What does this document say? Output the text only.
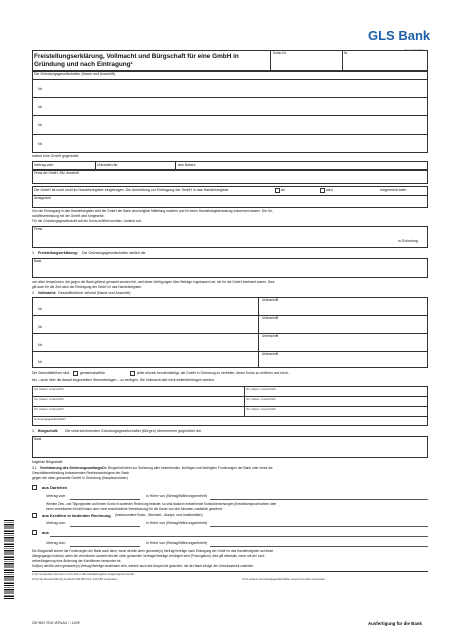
GLS Bank
Freistellungserklärung, Vollmacht und Bürgschaft für eine GmbH in
Gründung und nach Eintragung¹
Konto-Nr.	Nr.
Die Gründungsgesellschafter (Name und Anschrift)
Nr.
Nr.
Nr.
Nr.
haben eine GmbH gegründet.
Vertrag vom	Urkunden-Nr.	des Notars
Firma der GmbH, Sitz, Anschrift
Die GmbH ist noch nicht im Handelsregister eingetragen. Die Anmeldung zur Eintragung der GmbH in das Handelsregister	ist	wird	eingereicht beim
Amtsgericht
Von der Eintragung in das Handelsregister wird die GmbH der Bank unverzüglich Mitteilung machen und ihr einen Handelsregisterauszug zukommen lassen. Die Ge-
schäftsverbindung mit der GmbH wird fortgesetzt.
Für die Gründungsgesellschaft soll ein Konto eröffnet werden², lautend auf:
Firma
in Gründung
1 Freistellungserklärung: Die Gründungsgesellschafter stellen die
Bank
von allen Ansprüchen, die gegen die Bank geltend gemacht werden frei, weil diese Verfügungen über Beträge zugelassen hat, die für die GmbH bestimmt waren. Dies
gilt auch für die Zeit nach der Eintragung der GmbH in das Handelsregister.
2 Vollmacht: Geschäftsführer ist/sind (Name und Anschrift)
Nr.
Unterschrift
Nr.
Unterschrift
Nr.
Unterschrift
Nr.
Unterschrift
Die Geschäftsführer sind	gemeinschaftlich	jeder einzeln bevollmächtigt, die GmbH in Gründung zu vertreten, deren Konto zu eröffnen und hierü-
ber – auch über die darauf eingezahlten Stammeinlagen – zu verfügen. Die Vollmacht darf nicht weiterübertragen werden.
Ort, Datum, Unterschrift	Ort, Datum, Unterschrift
Ort, Datum, Unterschrift	Ort, Datum, Unterschrift
Ort, Datum, Unterschrift	Ort, Datum, Unterschrift
Gründungsgesellschafter*
3 Bürgschaft: Die unterzeichnenden Gründungsgesellschafter (Bürgen) übernehmen gegenüber der
Bank
folgende Bürgschaft:
3.1 Vereinbarung des Sicherungsumfangs:
Die Bürgschaft dient zur Sicherung aller bestehenden, künftigen und bedingten Forderungen der Bank oder eines die
Geschäftsverbindung fortsetzenden Rechtsnachfolgers der Bank
gegen die oben genannte GmbH in Gründung (Hauptschuldner)
aus Darlehen
Vertrag vom	in Höhe von (Betrag/Währungseinheit)
Werden Zins- und Tilgungsraten auf einem Konto in laufender Rechnung belastet, so sind dadurch entstehende Kontoüberziehungen (Kreditinanspruchnahme über
einen vereinbarten Kredit hinaus oder ohne ausdrückliche Vereinbarung) für die Dauer von drei Monaten zusätzlich gesichert.
aus Krediten in laufender Rechnung (insbesondere Buch-, Wechsel-, Akzept- und Avalkrediten)
Vertrag vom	in Höhe von (Betrag/Währungseinheit)
aus
Vertrag vom	in Höhe von (Betrag/Währungseinheit)
Die Bürgschaft sichert die Forderungen der Bank auch dann, wenn der/die oben genannte(n) Vertrag/Verträge nach Eintragung der GmbH in das Handelsregister auf diese
übergegangen ist/sind, wenn die vereinbarte Laufzeit des/der oben genannten Vertrags/Verträge verlängert wird (Prolongation), dies gilt ebenfalls, wenn mit der Lauf-
zeitverlängerung eine Änderung der Konditionen verbunden ist.
Soll(en) der/die oben genannte(n) Vertrag/Verträge unwirksam sein, werden auch alle Ansprüche gesichert, die der Bank infolge der Unwirksamkeit zustehen.
1 Nur verwenden bei einer noch nicht in das Handelsregister eingetragenen GmbH
2 Für die Kontoeröffnung Vordruck 240 000 bzw. 240 180 verwenden.	3 Für weitere Gründungsgesellschafter neues Formular verwenden.
230 950 I ©DG VERLAG ☐ 11/09	Ausfertigung für die Bank
